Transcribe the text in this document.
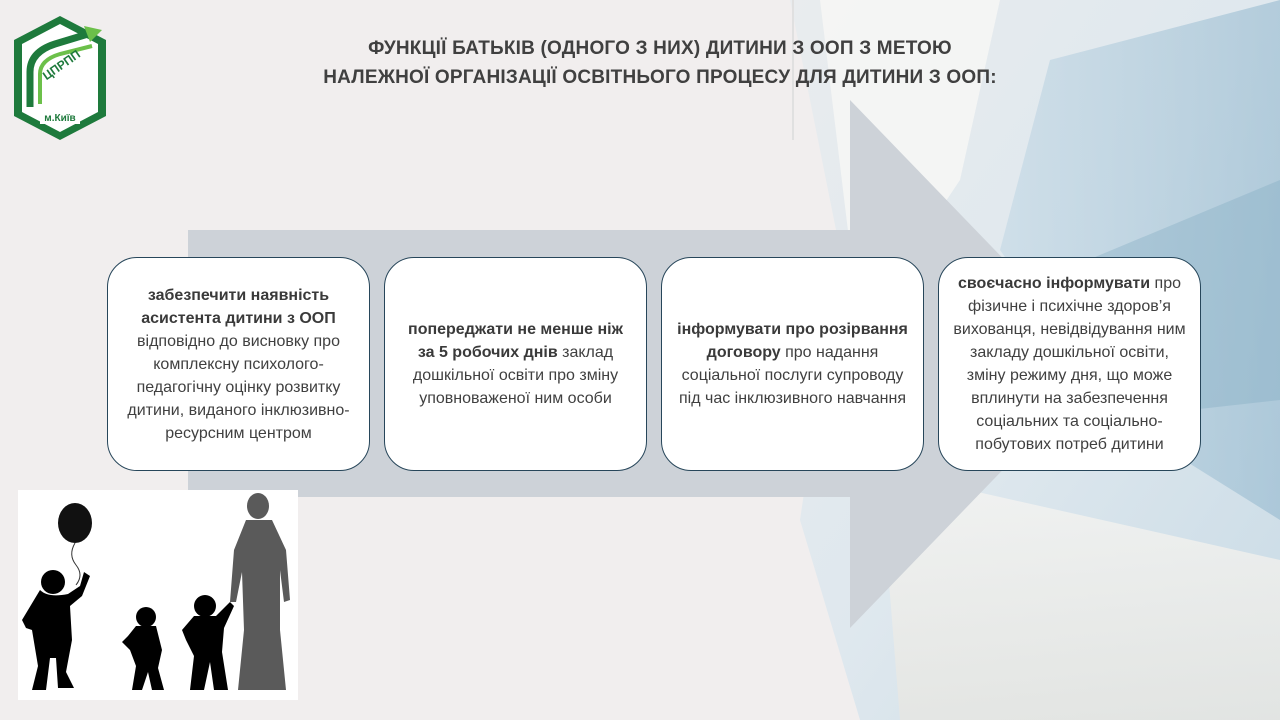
ЦПРПП
м.Київ
ФУНКЦІЇ БАТЬКІВ (ОДНОГО З НИХ) ДИТИНИ З ООП З МЕТОЮ
НАЛЕЖНОЇ ОРГАНІЗАЦІЇ ОСВІТНЬОГО ПРОЦЕСУ ДЛЯ ДИТИНИ З ООП:
забезпечити наявність асистента дитини з ООП відповідно до висновку про комплексну психолого-педагогічну оцінку розвитку дитини, виданого інклюзивно-ресурсним центром
попереджати не менше ніж за 5 робочих днів заклад дошкільної освіти про зміну уповноваженої ним особи
інформувати про розірвання договору про надання соціальної послуги супроводу під час інклюзивного навчання
своєчасно інформувати про фізичне і психічне здоров’я вихованця, невідвідування ним закладу дошкільної освіти, зміну режиму дня, що може вплинути на забезпечення соціальних та соціально-побутових потреб дитини
